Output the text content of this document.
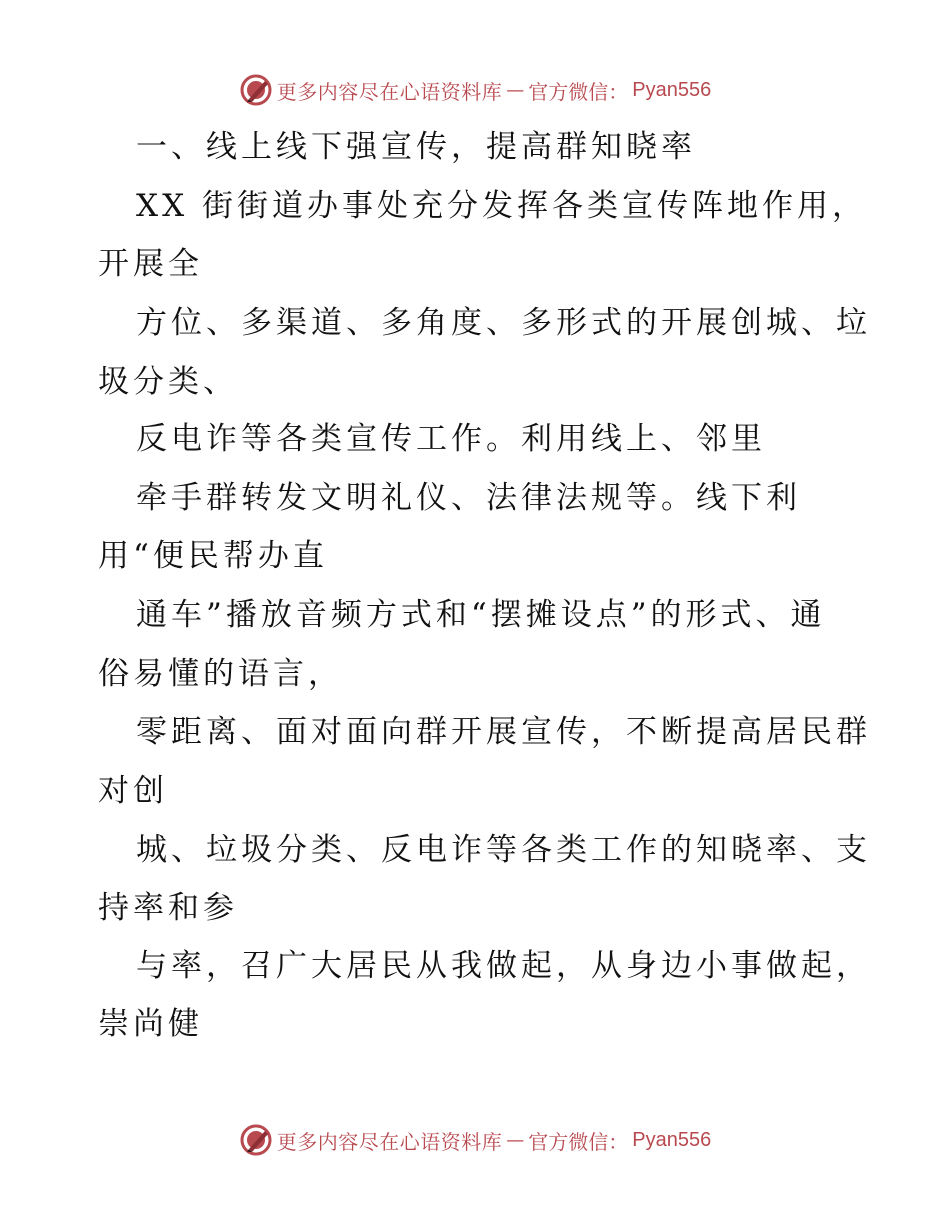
更多内容尽在心语资料库 — 官方微信： Pyan556
一、线上线下强宣传，提高群知晓率
XX 街街道办事处充分发挥各类宣传阵地作用，
开展全
方位、多渠道、多角度、多形式的开展创城、垃
圾分类、
反电诈等各类宣传工作。利用线上、邻里
牵手群转发文明礼仪、法律法规等。线下利
用“便民帮办直
通车”播放音频方式和“摆摊设点”的形式、通
俗易懂的语言，
零距离、面对面向群开展宣传，不断提高居民群
对创
城、垃圾分类、反电诈等各类工作的知晓率、支
持率和参
与率，召广大居民从我做起，从身边小事做起，
崇尚健
更多内容尽在心语资料库 — 官方微信： Pyan556
